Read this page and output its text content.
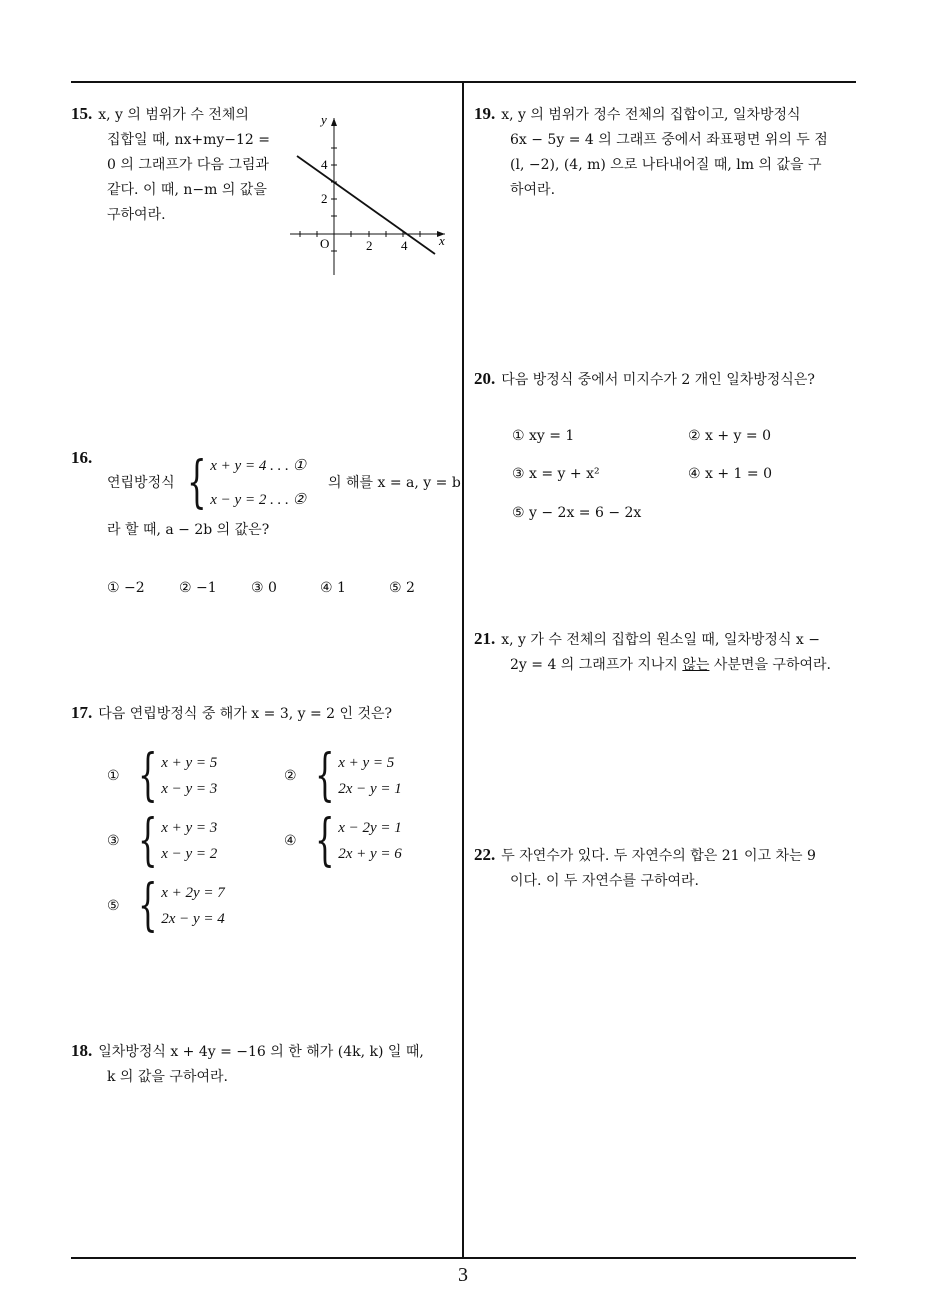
15. x, y 의 범위가 수 전체의
집합일 때, nx+my−12 =
0 의 그래프가 다음 그림과
같다. 이 때, n−m 의 값을
구하여라.
y
x
O
4
2
2 4
16.
연립방정식 { x + y = 4 . . . ①
x − y = 2 . . . ②
의 해를 x = a, y = b
라 할 때, a − 2b 의 값은?
① −2 ② −1 ③ 0	④ 1	⑤ 2
17. 다음 연립방정식 중 해가 x = 3, y = 2 인 것은?
① { x + y = 5
x − y = 3
② { x + y = 5
2x − y = 1
③ { x + y = 3
x − y = 2
④ { x − 2y = 1
2x + y = 6
⑤ { x + 2y = 7
2x − y = 4
18. 일차방정식 x + 4y = −16 의 한 해가 (4k, k) 일 때,
k 의 값을 구하여라.
19. x, y 의 범위가 정수 전체의 집합이고, 일차방정식
6x − 5y = 4 의 그래프 중에서 좌표평면 위의 두 점
(l, −2), (4, m) 으로 나타내어질 때, lm 의 값을 구
하여라.
20. 다음 방정식 중에서 미지수가 2 개인 일차방정식은?
① xy = 1	② x + y = 0
③ x = y + x²	④ x + 1 = 0
⑤ y − 2x = 6 − 2x
21. x, y 가 수 전체의 집합의 원소일 때, 일차방정식 x −
2y = 4 의 그래프가 지나지 않는 사분면을 구하여라.
22. 두 자연수가 있다. 두 자연수의 합은 21 이고 차는 9
이다. 이 두 자연수를 구하여라.
3
